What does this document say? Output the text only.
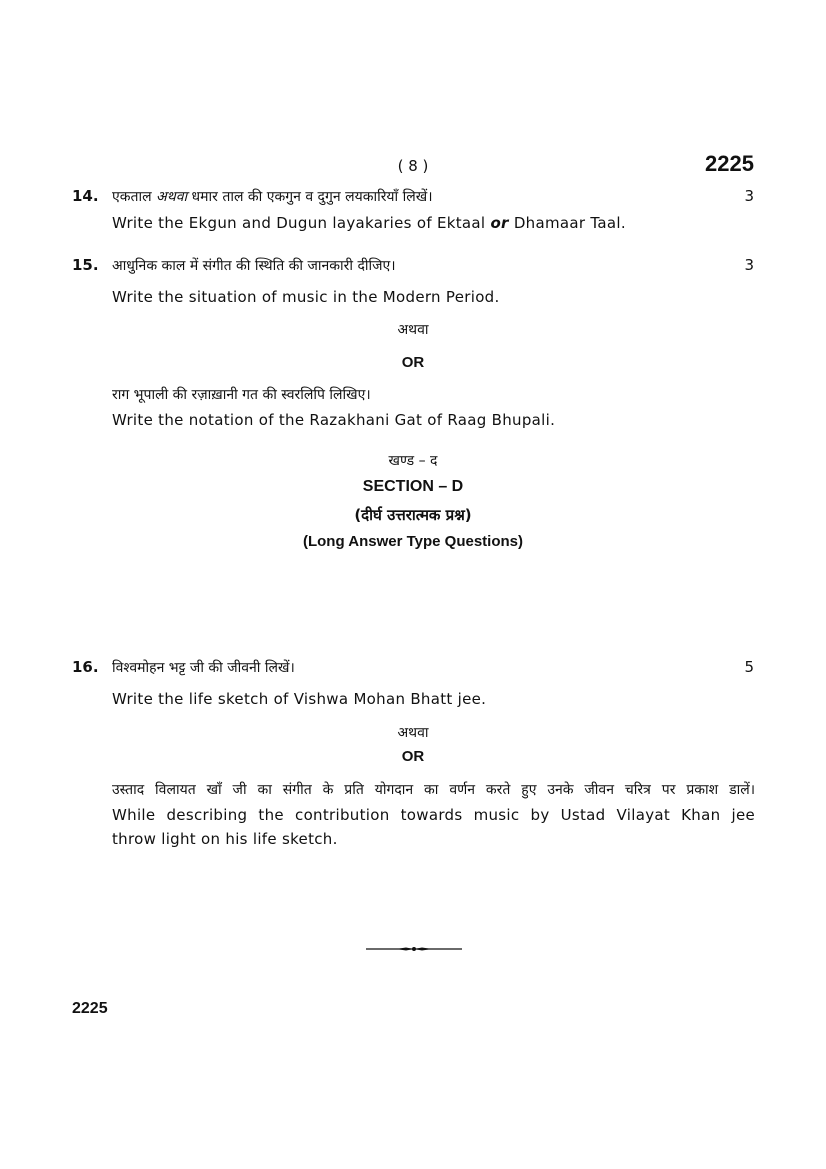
( 8 )	2225
14. एकताल अथवा धमार ताल की एकगुन व दुगुन लयकारियाँ लिखें।	3
Write the Ekgun and Dugun layakaries of Ektaal or Dhamaar Taal.
15. आधुनिक काल में संगीत की स्थिति की जानकारी दीजिए।	3
Write the situation of music in the Modern Period.
अथवा
OR
राग भूपाली की रज़ाख़ानी गत की स्वरलिपि लिखिए।
Write the notation of the Razakhani Gat of Raag Bhupali.
खण्ड – द
SECTION – D
(दीर्घ उत्तरात्मक प्रश्न)
(Long Answer Type Questions)
16. विश्वमोहन भट्ट जी की जीवनी लिखें।	5
Write the life sketch of Vishwa Mohan Bhatt jee.
अथवा
OR
उस्ताद विलायत खाँ जी का संगीत के प्रति योगदान का वर्णन करते हुए उनके जीवन चरित्र पर प्रकाश डालें।
While describing the contribution towards music by Ustad Vilayat Khan jee
throw light on his life sketch.
2225
